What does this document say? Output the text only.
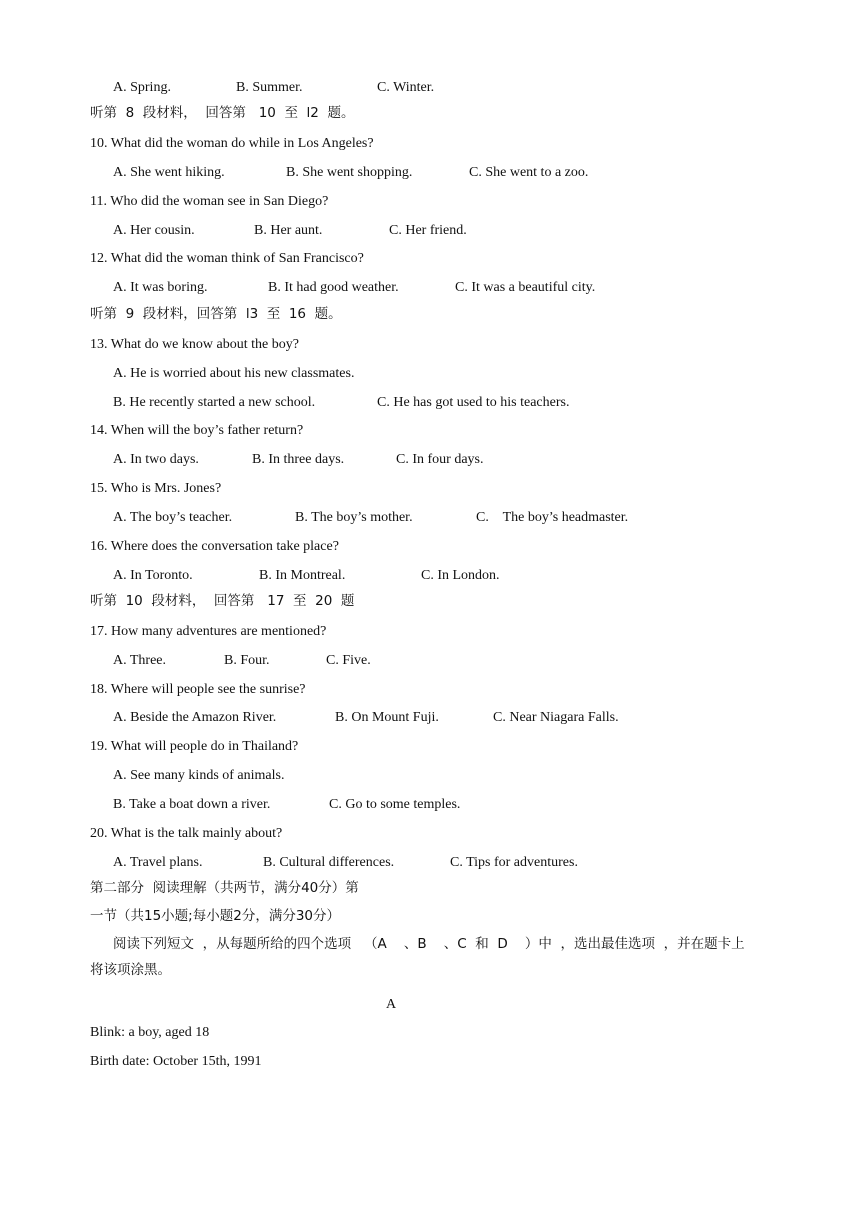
A. Spring.	B. Summer.	C. Winter.
听第  8  段材料，  回答第   10  至  l2  题。
10. What did the woman do while in Los Angeles?
A. She went hiking.	B. She went shopping.	C. She went to a zoo.
11. Who did the woman see in San Diego?
A. Her cousin.	B. Her aunt.	C. Her friend.
12. What did the woman think of San Francisco?
A. It was boring.	B. It had good weather.	C. It was a beautiful city.
听第  9  段材料，回答第  l3  至  16  题。
13. What do we know about the boy?
A. He is worried about his new classmates.
B. He recently started a new school.	C. He has got used to his teachers.
14. When will the boy’s father return?
A. In two days.	B. In three days.	C. In four days.
15. Who is Mrs. Jones?
A. The boy’s teacher.	B. The boy’s mother.	C.    The boy’s headmaster.
16. Where does the conversation take place?
A. In Toronto.	B. In Montreal.	C. In London.
听第  10  段材料，  回答第   17  至  20  题
17. How many adventures are mentioned?
A. Three.	B. Four.	C. Five.
18. Where will people see the sunrise?
A. Beside the Amazon River.	B. On Mount Fuji.	C. Near Niagara Falls.
19. What will people do in Thailand?
A. See many kinds of animals.
B. Take a boat down a river.	C. Go to some temples.
20. What is the talk mainly about?
A. Travel plans.	B. Cultural differences.	C. Tips for adventures.
第二部分  阅读理解（共两节，满分40分）第
一节（共15小题;每小题2分，满分30分）
阅读下列短文  ，从每题所给的四个选项   （A    、B    、C  和  D    ）中  ，选出最佳选项  ，并在题卡上
将该项涂黑。
A
Blink: a boy, aged 18
Birth date: October 15th, 1991
